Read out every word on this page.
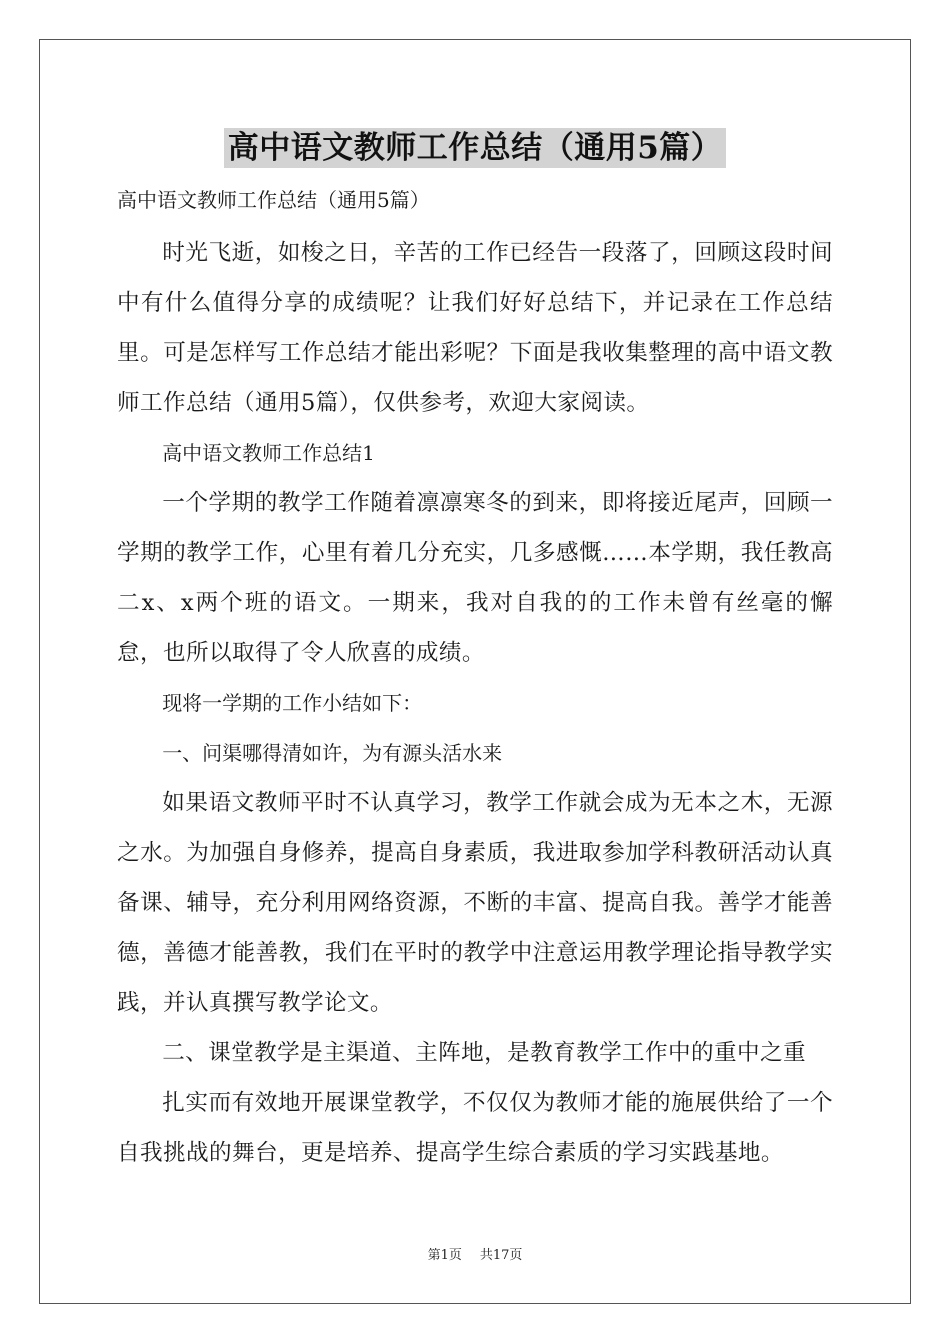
高中语文教师工作总结（通用5篇）

高中语文教师工作总结（通用5篇）

时光飞逝，如梭之日，辛苦的工作已经告一段落了，回顾这段时间中有什么值得分享的成绩呢？让我们好好总结下，并记录在工作总结里。可是怎样写工作总结才能出彩呢？下面是我收集整理的高中语文教师工作总结（通用5篇），仅供参考，欢迎大家阅读。

高中语文教师工作总结1

一个学期的教学工作随着凛凛寒冬的到来，即将接近尾声，回顾一学期的教学工作，心里有着几分充实，几多感慨……本学期，我任教高二x、x两个班的语文。一期来，我对自我的的工作未曾有丝毫的懈怠，也所以取得了令人欣喜的成绩。

现将一学期的工作小结如下：

一、问渠哪得清如许，为有源头活水来

如果语文教师平时不认真学习，教学工作就会成为无本之木，无源之水。为加强自身修养，提高自身素质，我进取参加学科教研活动认真备课、辅导，充分利用网络资源，不断的丰富、提高自我。善学才能善德，善德才能善教，我们在平时的教学中注意运用教学理论指导教学实践，并认真撰写教学论文。

二、课堂教学是主渠道、主阵地，是教育教学工作中的重中之重

扎实而有效地开展课堂教学，不仅仅为教师才能的施展供给了一个自我挑战的舞台，更是培养、提高学生综合素质的学习实践基地。

第1页 共17页
